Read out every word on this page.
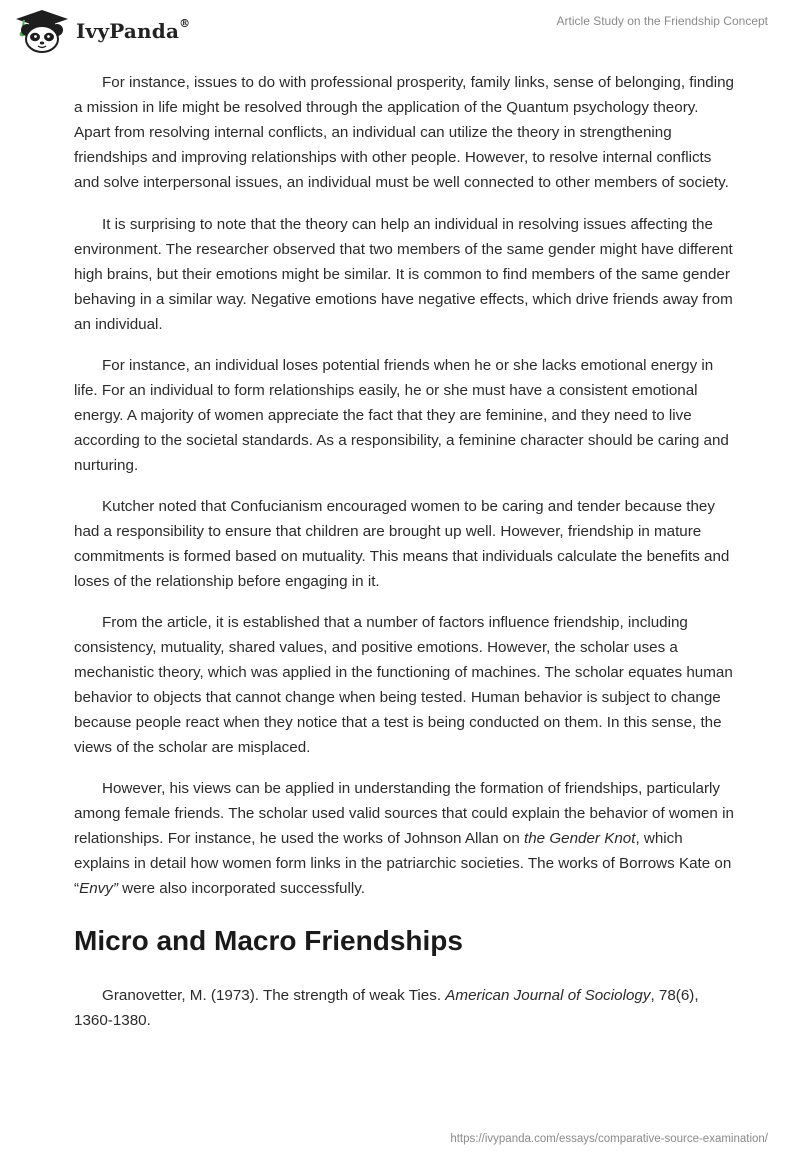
IvyPanda®	Article Study on the Friendship Concept

For instance, issues to do with professional prosperity, family links, sense of belonging, finding a mission in life might be resolved through the application of the Quantum psychology theory. Apart from resolving internal conflicts, an individual can utilize the theory in strengthening friendships and improving relationships with other people. However, to resolve internal conflicts and solve interpersonal issues, an individual must be well connected to other members of society.

It is surprising to note that the theory can help an individual in resolving issues affecting the environment. The researcher observed that two members of the same gender might have different high brains, but their emotions might be similar. It is common to find members of the same gender behaving in a similar way. Negative emotions have negative effects, which drive friends away from an individual.

For instance, an individual loses potential friends when he or she lacks emotional energy in life. For an individual to form relationships easily, he or she must have a consistent emotional energy. A majority of women appreciate the fact that they are feminine, and they need to live according to the societal standards. As a responsibility, a feminine character should be caring and nurturing.

Kutcher noted that Confucianism encouraged women to be caring and tender because they had a responsibility to ensure that children are brought up well. However, friendship in mature commitments is formed based on mutuality. This means that individuals calculate the benefits and loses of the relationship before engaging in it.

From the article, it is established that a number of factors influence friendship, including consistency, mutuality, shared values, and positive emotions. However, the scholar uses a mechanistic theory, which was applied in the functioning of machines. The scholar equates human behavior to objects that cannot change when being tested. Human behavior is subject to change because people react when they notice that a test is being conducted on them. In this sense, the views of the scholar are misplaced.

However, his views can be applied in understanding the formation of friendships, particularly among female friends. The scholar used valid sources that could explain the behavior of women in relationships. For instance, he used the works of Johnson Allan on the Gender Knot, which explains in detail how women form links in the patriarchic societies. The works of Borrows Kate on “Envy” were also incorporated successfully.

Micro and Macro Friendships

Granovetter, M. (1973). The strength of weak Ties. American Journal of Sociology, 78(6), 1360-1380.

https://ivypanda.com/essays/comparative-source-examination/
